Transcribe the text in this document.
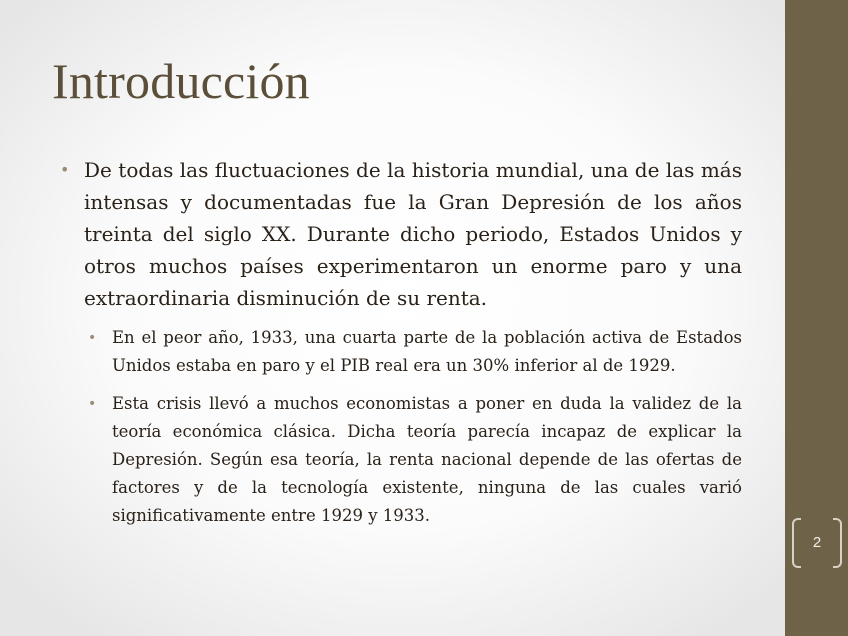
2
Introducción
• De todas las fluctuaciones de la historia mundial, una de las más intensas y documentadas fue la Gran Depresión de los años treinta del siglo XX. Durante dicho periodo, Estados Unidos y otros muchos países experimentaron un enorme paro y una extraordinaria disminución de su renta.
• En el peor año, 1933, una cuarta parte de la población activa de Estados Unidos estaba en paro y el PIB real era un 30% inferior al de 1929.
• Esta crisis llevó a muchos economistas a poner en duda la validez de la teoría económica clásica. Dicha teoría parecía incapaz de explicar la Depresión. Según esa teoría, la renta nacional depende de las ofertas de factores y de la tecnología existente, ninguna de las cuales varió significativamente entre 1929 y 1933.
